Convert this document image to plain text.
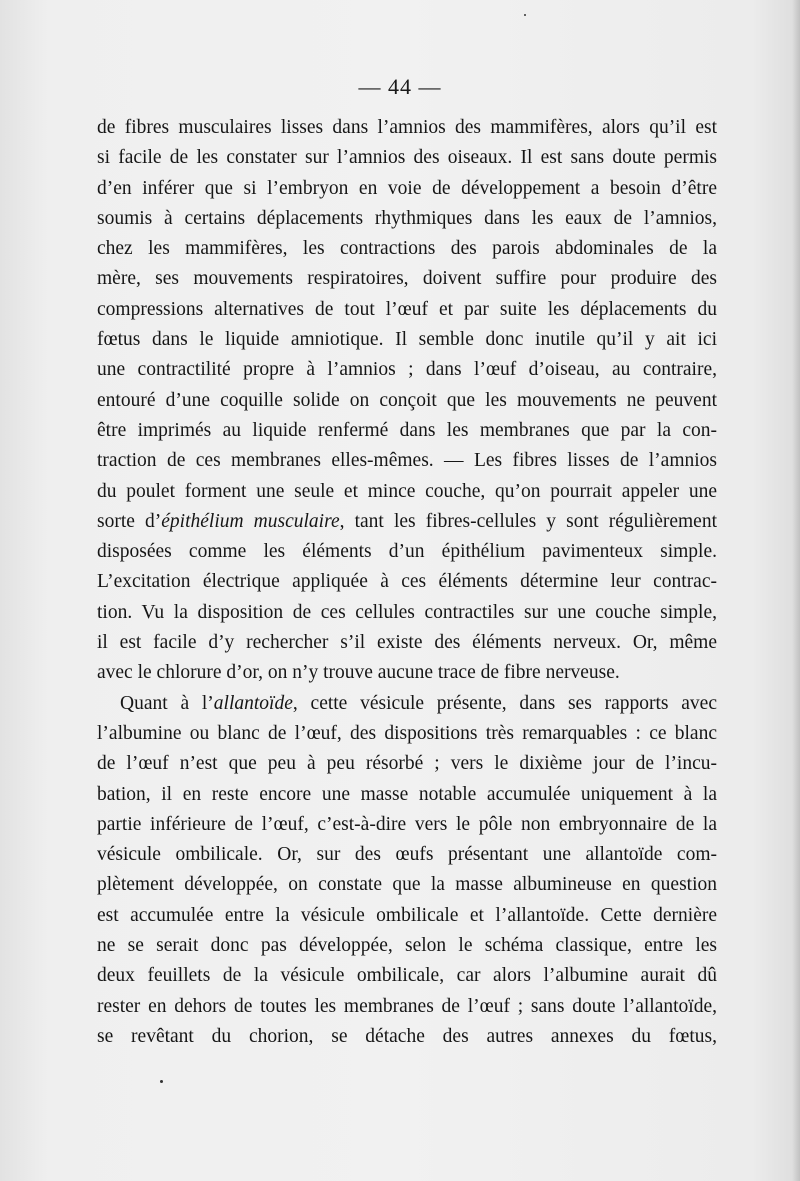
— 44 —
de fibres musculaires lisses dans l’amnios des mammifères, alors qu’il est
si facile de les constater sur l’amnios des oiseaux. Il est sans doute permis
d’en inférer que si l’embryon en voie de développement a besoin d’être
soumis à certains déplacements rhythmiques dans les eaux de l’amnios,
chez les mammifères, les contractions des parois abdominales de la
mère, ses mouvements respiratoires, doivent suffire pour produire des
compressions alternatives de tout l’œuf et par suite les déplacements du
fœtus dans le liquide amniotique. Il semble donc inutile qu’il y ait ici
une contractilité propre à l’amnios ; dans l’œuf d’oiseau, au contraire,
entouré d’une coquille solide on conçoit que les mouvements ne peuvent
être imprimés au liquide renfermé dans les membranes que par la con-
traction de ces membranes elles-mêmes. — Les fibres lisses de l’amnios
du poulet forment une seule et mince couche, qu’on pourrait appeler une
sorte d’épithélium musculaire, tant les fibres-cellules y sont régulièrement
disposées comme les éléments d’un épithélium pavimenteux simple.
L’excitation électrique appliquée à ces éléments détermine leur contrac-
tion. Vu la disposition de ces cellules contractiles sur une couche simple,
il est facile d’y rechercher s’il existe des éléments nerveux. Or, même
avec le chlorure d’or, on n’y trouve aucune trace de fibre nerveuse.
Quant à l’allantoïde, cette vésicule présente, dans ses rapports avec
l’albumine ou blanc de l’œuf, des dispositions très remarquables : ce blanc
de l’œuf n’est que peu à peu résorbé ; vers le dixième jour de l’incu-
bation, il en reste encore une masse notable accumulée uniquement à la
partie inférieure de l’œuf, c’est-à-dire vers le pôle non embryonnaire de la
vésicule ombilicale. Or, sur des œufs présentant une allantoïde com-
plètement développée, on constate que la masse albumineuse en question
est accumulée entre la vésicule ombilicale et l’allantoïde. Cette dernière
ne se serait donc pas développée, selon le schéma classique, entre les
deux feuillets de la vésicule ombilicale, car alors l’albumine aurait dû
rester en dehors de toutes les membranes de l’œuf ; sans doute l’allantoïde,
se revêtant du chorion, se détache des autres annexes du fœtus,
